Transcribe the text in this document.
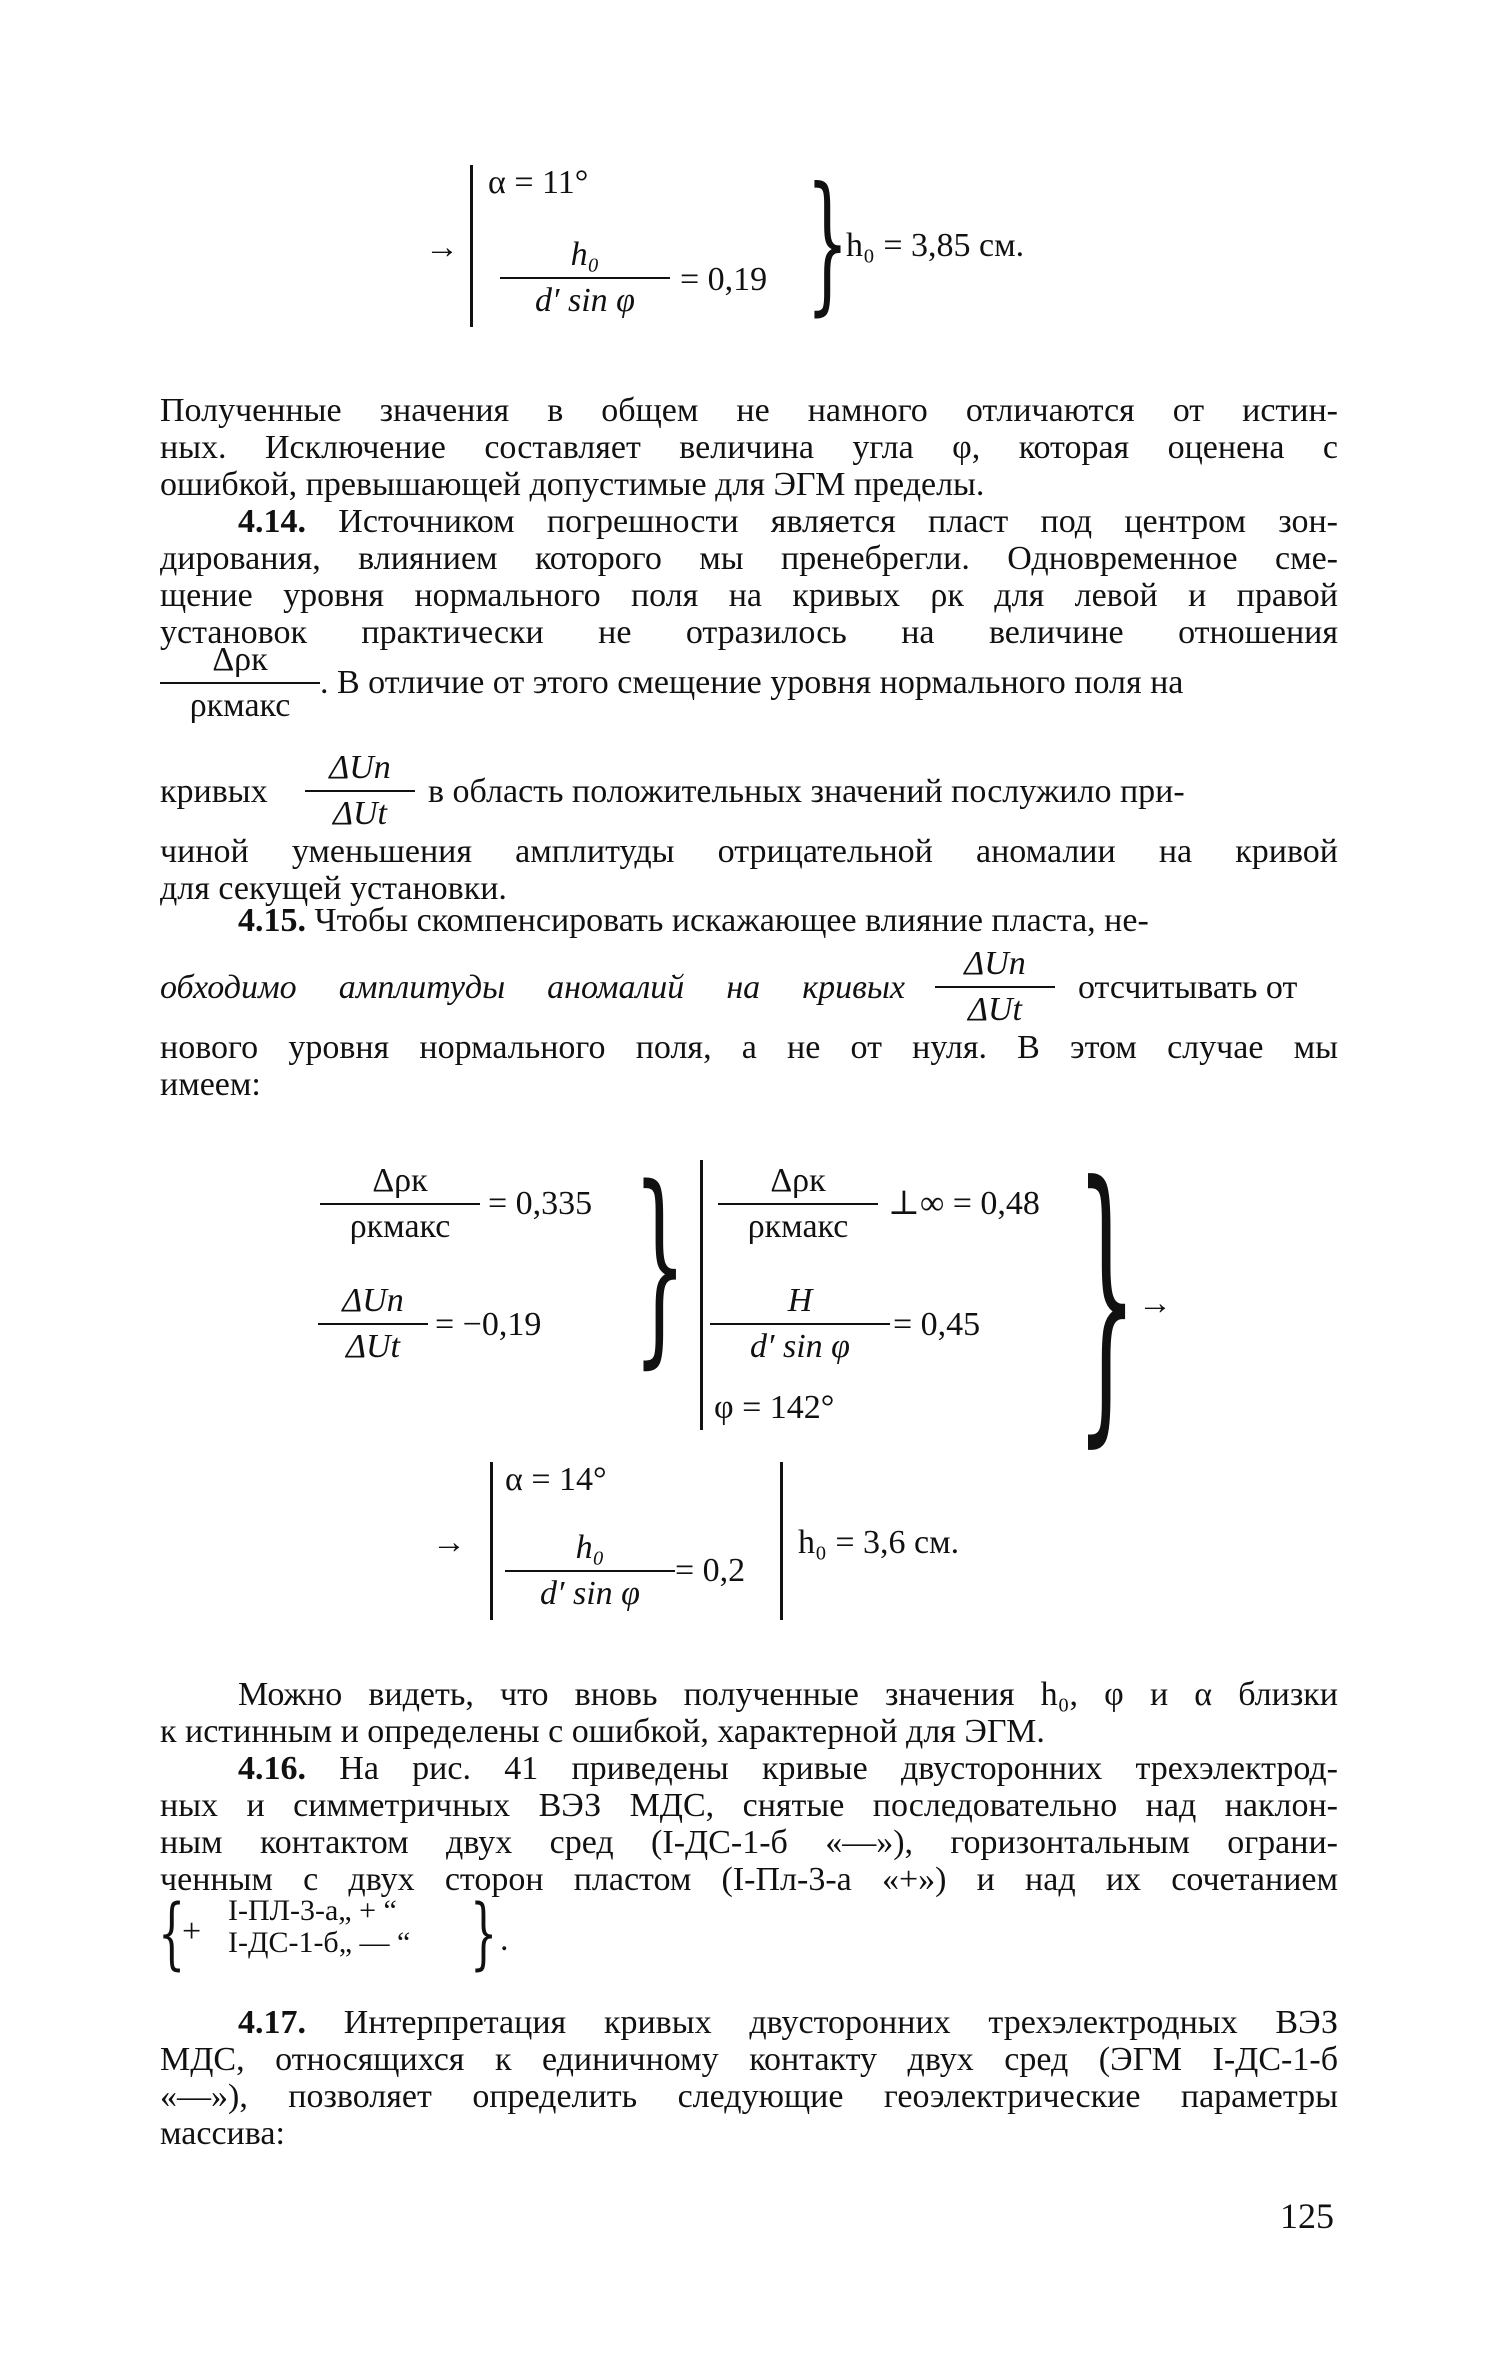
→
α = 11°
$\frac{\text{h₀}}{\text{d′ sin φ}} = 0,19$ }
h₀ = 3,85 см.
Полученные значения в общем не намного отличаются от истин-
ных. Исключение составляет величина угла φ, которая оценена с
ошибкой, превышающей допустимые для ЭГМ пределы.
4.14. Источником погрешности является пласт под центром зон-
дирования, влиянием которого мы пренебрегли. Одновременное сме-
щение уровня нормального поля на кривых ρк для левой и правой
установок практически не отразилось на величине отношения
Δρк
ρкмакс
. В отличие от этого смещение уровня нормального поля на
кривых
ΔUп
ΔUt
в область положительных значений послужило при-
чиной уменьшения амплитуды отрицательной аномалии на кривой
для секущей установки.
4.15. Чтобы скомпенсировать искажающее влияние пласта, не-
обходимо амплитуды аномалий на кривых
ΔUп
ΔUt
отсчитывать от
нового уровня нормального поля, а не от нуля. В этом случае мы
имеем:
Δρк
ρкмакс
= 0,335
ΔUп
ΔUt
= −0,19 }	Δρк
ρкмакс
⊥∞ = 0,48
$\frac{H}{\text{d′ sin φ}} = 0,45$
φ = 142° } →
→
α = 14°
$\frac{\text{h₀}}{\text{d′ sin φ}} = 0,2$
h₀ = 3,6 см.
Можно видеть, что вновь полученные значения h₀, φ и α близки
к истинным и определены с ошибкой, характерной для ЭГМ.
4.16. На рис. 41 приведены кривые двусторонних трехэлектрод-
ных и симметричных ВЭЗ МДС, снятые последовательно над наклон-
ным контактом двух сред (I-ДС-1-б «—»), горизонтальным ограни-
ченным с двух сторон пластом (I-Пл-3-а «+») и над их сочетанием
{
+
I-ПЛ-3-а„ + “
I-ДС-1-б„ — “ } .
4.17. Интерпретация кривых двусторонних трехэлектродных ВЭЗ
МДС, относящихся к единичному контакту двух сред (ЭГМ I-ДС-1-б
«—»), позволяет определить следующие геоэлектрические параметры
массива:
125
